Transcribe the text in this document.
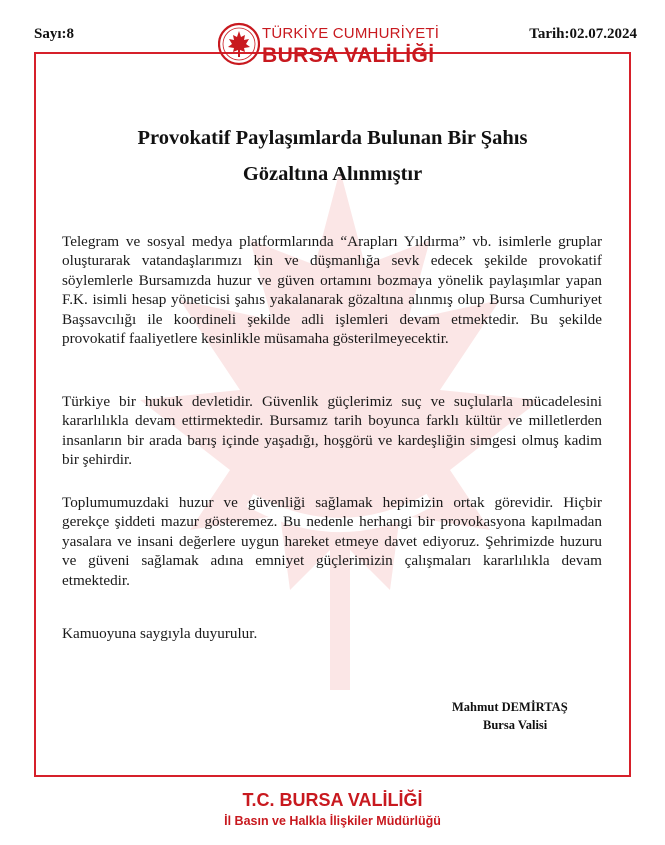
Sayı:8	Tarih:02.07.2024
TÜRKİYE CUMHURİYETİ
BURSA VALİLİĞİ
Provokatif Paylaşımlarda Bulunan Bir Şahıs
Gözaltına Alınmıştır

Telegram ve sosyal medya platformlarında “Arapları Yıldırma” vb. isimlerle gruplar oluşturarak vatandaşlarımızı kin ve düşmanlığa sevk edecek şekilde provokatif söylemlerle Bursamızda huzur ve güven ortamını bozmaya yönelik paylaşımlar yapan F.K. isimli hesap yöneticisi şahıs yakalanarak gözaltına alınmış olup Bursa Cumhuriyet Başsavcılığı ile koordineli şekilde adli işlemleri devam etmektedir. Bu şekilde provokatif faaliyetlere kesinlikle müsamaha gösterilmeyecektir.

Türkiye bir hukuk devletidir. Güvenlik güçlerimiz suç ve suçlularla mücadelesini kararlılıkla devam ettirmektedir. Bursamız tarih boyunca farklı kültür ve milletlerden insanların bir arada barış içinde yaşadığı, hoşgörü ve kardeşliğin simgesi olmuş kadim bir şehirdir.

Toplumumuzdaki huzur ve güvenliği sağlamak hepimizin ortak görevidir. Hiçbir gerekçe şiddeti mazur gösteremez. Bu nedenle herhangi bir provokasyona kapılmadan yasalara ve insani değerlere uygun hareket etmeye davet ediyoruz. Şehrimizde huzuru ve güveni sağlamak adına emniyet güçlerimizin çalışmaları kararlılıkla devam etmektedir.

Kamuoyuna saygıyla duyurulur.

Mahmut DEMİRTAŞ
Bursa Valisi
T.C. BURSA VALİLİĞİ
İl Basın ve Halkla İlişkiler Müdürlüğü
